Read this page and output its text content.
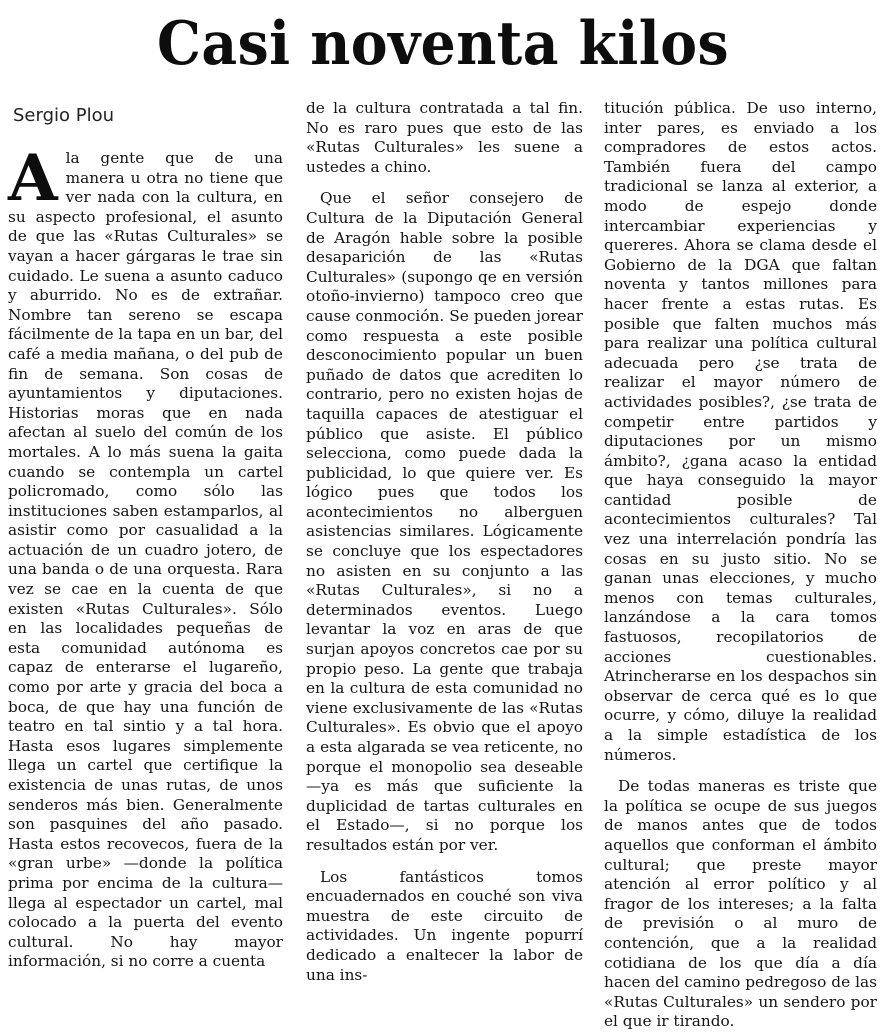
Casi noventa kilos
Sergio Plou
A la gente que de una manera u otra no tiene que ver nada con la cultura, en su aspecto profesional, el asunto de que las «Rutas Culturales» se vayan a hacer gárgaras le trae sin cuidado. Le suena a asunto caduco y aburrido. No es de extrañar. Nombre tan sereno se escapa fácilmente de la tapa en un bar, del café a media mañana, o del pub de fin de semana. Son cosas de ayuntamientos y diputaciones. Historias moras que en nada afectan al suelo del común de los mortales. A lo más suena la gaita cuando se contempla un cartel policromado, como sólo las instituciones saben estamparlos, al asistir como por casualidad a la actuación de un cuadro jotero, de una banda o de una orquesta. Rara vez se cae en la cuenta de que existen «Rutas Culturales». Sólo en las localidades pequeñas de esta comunidad autónoma es capaz de enterarse el lugareño, como por arte y gracia del boca a boca, de que hay una función de teatro en tal sintio y a tal hora. Hasta esos lugares simplemente llega un cartel que certifique la existencia de unas rutas, de unos senderos más bien. Generalmente son pasquines del año pasado. Hasta estos recovecos, fuera de la «gran urbe» —donde la política prima por encima de la cultura— llega al espectador un cartel, mal colocado a la puerta del evento cultural. No hay mayor información, si no corre a cuenta

de la cultura contratada a tal fin. No es raro pues que esto de las «Rutas Culturales» les suene a ustedes a chino.

Que el señor consejero de Cultura de la Diputación General de Aragón hable sobre la posible desaparición de las «Rutas Culturales» (supongo qe en versión otoño-invierno) tampoco creo que cause conmoción. Se pueden jorear como respuesta a este posible desconocimiento popular un buen puñado de datos que acrediten lo contrario, pero no existen hojas de taquilla capaces de atestiguar el público que asiste. El público selecciona, como puede dada la publicidad, lo que quiere ver. Es lógico pues que todos los acontecimientos no alberguen asistencias similares. Lógicamente se concluye que los espectadores no asisten en su conjunto a las «Rutas Culturales», si no a determinados eventos. Luego levantar la voz en aras de que surjan apoyos concretos cae por su propio peso. La gente que trabaja en la cultura de esta comunidad no viene exclusivamente de las «Rutas Culturales». Es obvio que el apoyo a esta algarada se vea reticente, no porque el monopolio sea deseable —ya es más que suficiente la duplicidad de tartas culturales en el Estado—, si no porque los resultados están por ver.

Los fantásticos tomos encuadernados en couché son viva muestra de este circuito de actividades. Un ingente popurrí dedicado a enaltecer la labor de una ins-

titución pública. De uso interno, inter pares, es enviado a los compradores de estos actos. También fuera del campo tradicional se lanza al exterior, a modo de espejo donde intercambiar experiencias y quereres. Ahora se clama desde el Gobierno de la DGA que faltan noventa y tantos millones para hacer frente a estas rutas. Es posible que falten muchos más para realizar una política cultural adecuada pero ¿se trata de realizar el mayor número de actividades posibles?, ¿se trata de competir entre partidos y diputaciones por un mismo ámbito?, ¿gana acaso la entidad que haya conseguido la mayor cantidad posible de acontecimientos culturales? Tal vez una interrelación pondría las cosas en su justo sitio. No se ganan unas elecciones, y mucho menos con temas culturales, lanzándose a la cara tomos fastuosos, recopilatorios de acciones cuestionables. Atrincherarse en los despachos sin observar de cerca qué es lo que ocurre, y cómo, diluye la realidad a la simple estadística de los números.

De todas maneras es triste que la política se ocupe de sus juegos de manos antes que de todos aquellos que conforman el ámbito cultural; que preste mayor atención al error político y al fragor de los intereses; a la falta de previsión o al muro de contención, que a la realidad cotidiana de los que día a día hacen del camino pedregoso de las «Rutas Culturales» un sendero por el que ir tirando.
